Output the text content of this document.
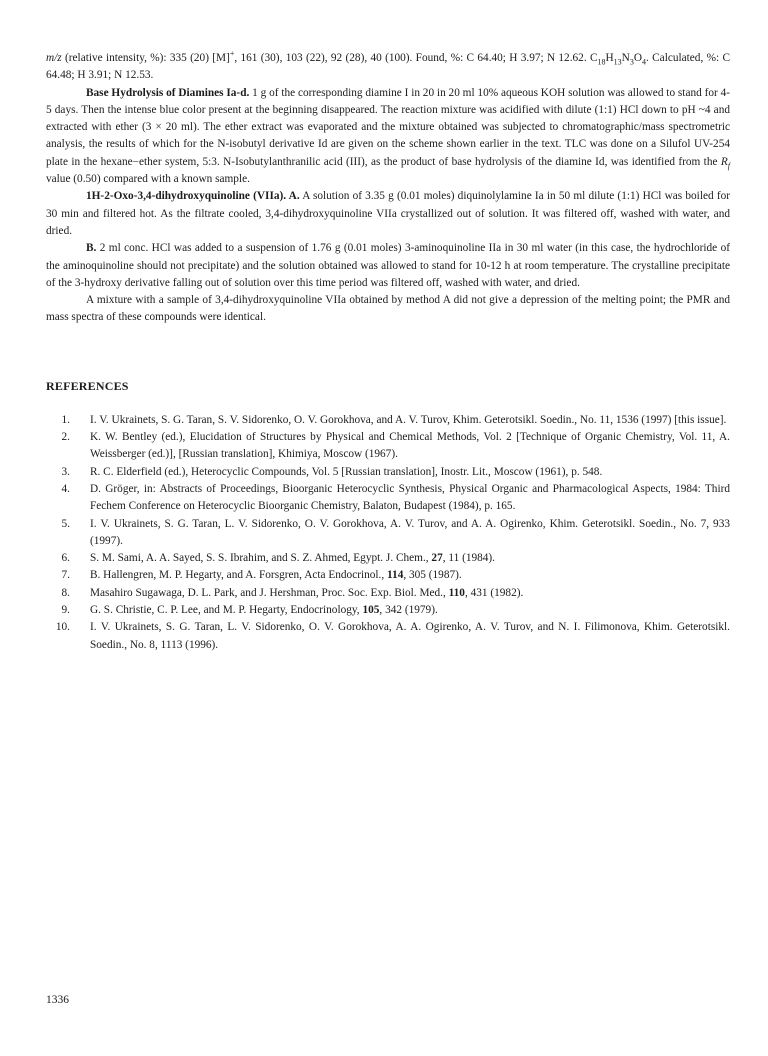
m/z (relative intensity, %): 335 (20) [M]+, 161 (30), 103 (22), 92 (28), 40 (100). Found, %: C 64.40; H 3.97; N 12.62. $C_{18}H_{13}N_3O_4$. Calculated, %: C 64.48; H 3.91; N 12.53.

Base Hydrolysis of Diamines Ia-d. 1 g of the corresponding diamine I in 20 in 20 ml 10% aqueous KOH solution was allowed to stand for 4-5 days. Then the intense blue color present at the beginning disappeared. The reaction mixture was acidified with dilute (1:1) HCl down to pH ~4 and extracted with ether (3 × 20 ml). The ether extract was evaporated and the mixture obtained was subjected to chromatographic/mass spectrometric analysis, the results of which for the N-isobutyl derivative Id are given on the scheme shown earlier in the text. TLC was done on a Silufol UV-254 plate in the hexane−ether system, 5:3. N-Isobutylanthranilic acid (III), as the product of base hydrolysis of the diamine Id, was identified from the $R_f$ value (0.50) compared with a known sample.

1H-2-Oxo-3,4-dihydroxyquinoline (VIIa). A. A solution of 3.35 g (0.01 moles) diquinolylamine Ia in 50 ml dilute (1:1) HCl was boiled for 30 min and filtered hot. As the filtrate cooled, 3,4-dihydroxyquinoline VIIa crystallized out of solution. It was filtered off, washed with water, and dried.

B. 2 ml conc. HCl was added to a suspension of 1.76 g (0.01 moles) 3-aminoquinoline IIa in 30 ml water (in this case, the hydrochloride of the aminoquinoline should not precipitate) and the solution obtained was allowed to stand for 10-12 h at room temperature. The crystalline precipitate of the 3-hydroxy derivative falling out of solution over this time period was filtered off, washed with water, and dried.

A mixture with a sample of 3,4-dihydroxyquinoline VIIa obtained by method A did not give a depression of the melting point; the PMR and mass spectra of these compounds were identical.

REFERENCES
1. I. V. Ukrainets, S. G. Taran, S. V. Sidorenko, O. V. Gorokhova, and A. V. Turov, Khim. Geterotsikl. Soedin., No. 11, 1536 (1997) [this issue].
2. K. W. Bentley (ed.), Elucidation of Structures by Physical and Chemical Methods, Vol. 2 [Technique of Organic Chemistry, Vol. 11, A. Weissberger (ed.)], [Russian translation], Khimiya, Moscow (1967).
3. R. C. Elderfield (ed.), Heterocyclic Compounds, Vol. 5 [Russian translation], Inostr. Lit., Moscow (1961), p. 548.
4. D. Gröger, in: Abstracts of Proceedings, Bioorganic Heterocyclic Synthesis, Physical Organic and Pharmacological Aspects, 1984: Third Fechem Conference on Heterocyclic Bioorganic Chemistry, Balaton, Budapest (1984), p. 165.
5. I. V. Ukrainets, S. G. Taran, L. V. Sidorenko, O. V. Gorokhova, A. V. Turov, and A. A. Ogirenko, Khim. Geterotsikl. Soedin., No. 7, 933 (1997).
6. S. M. Sami, A. A. Sayed, S. S. Ibrahim, and S. Z. Ahmed, Egypt. J. Chem., 27, 11 (1984).
7. B. Hallengren, M. P. Hegarty, and A. Forsgren, Acta Endocrinol., 114, 305 (1987).
8. Masahiro Sugawaga, D. L. Park, and J. Hershman, Proc. Soc. Exp. Biol. Med., 110, 431 (1982).
9. G. S. Christie, C. P. Lee, and M. P. Hegarty, Endocrinology, 105, 342 (1979).
10. I. V. Ukrainets, S. G. Taran, L. V. Sidorenko, O. V. Gorokhova, A. A. Ogirenko, A. V. Turov, and N. I. Filimonova, Khim. Geterotsikl. Soedin., No. 8, 1113 (1996).
1336
